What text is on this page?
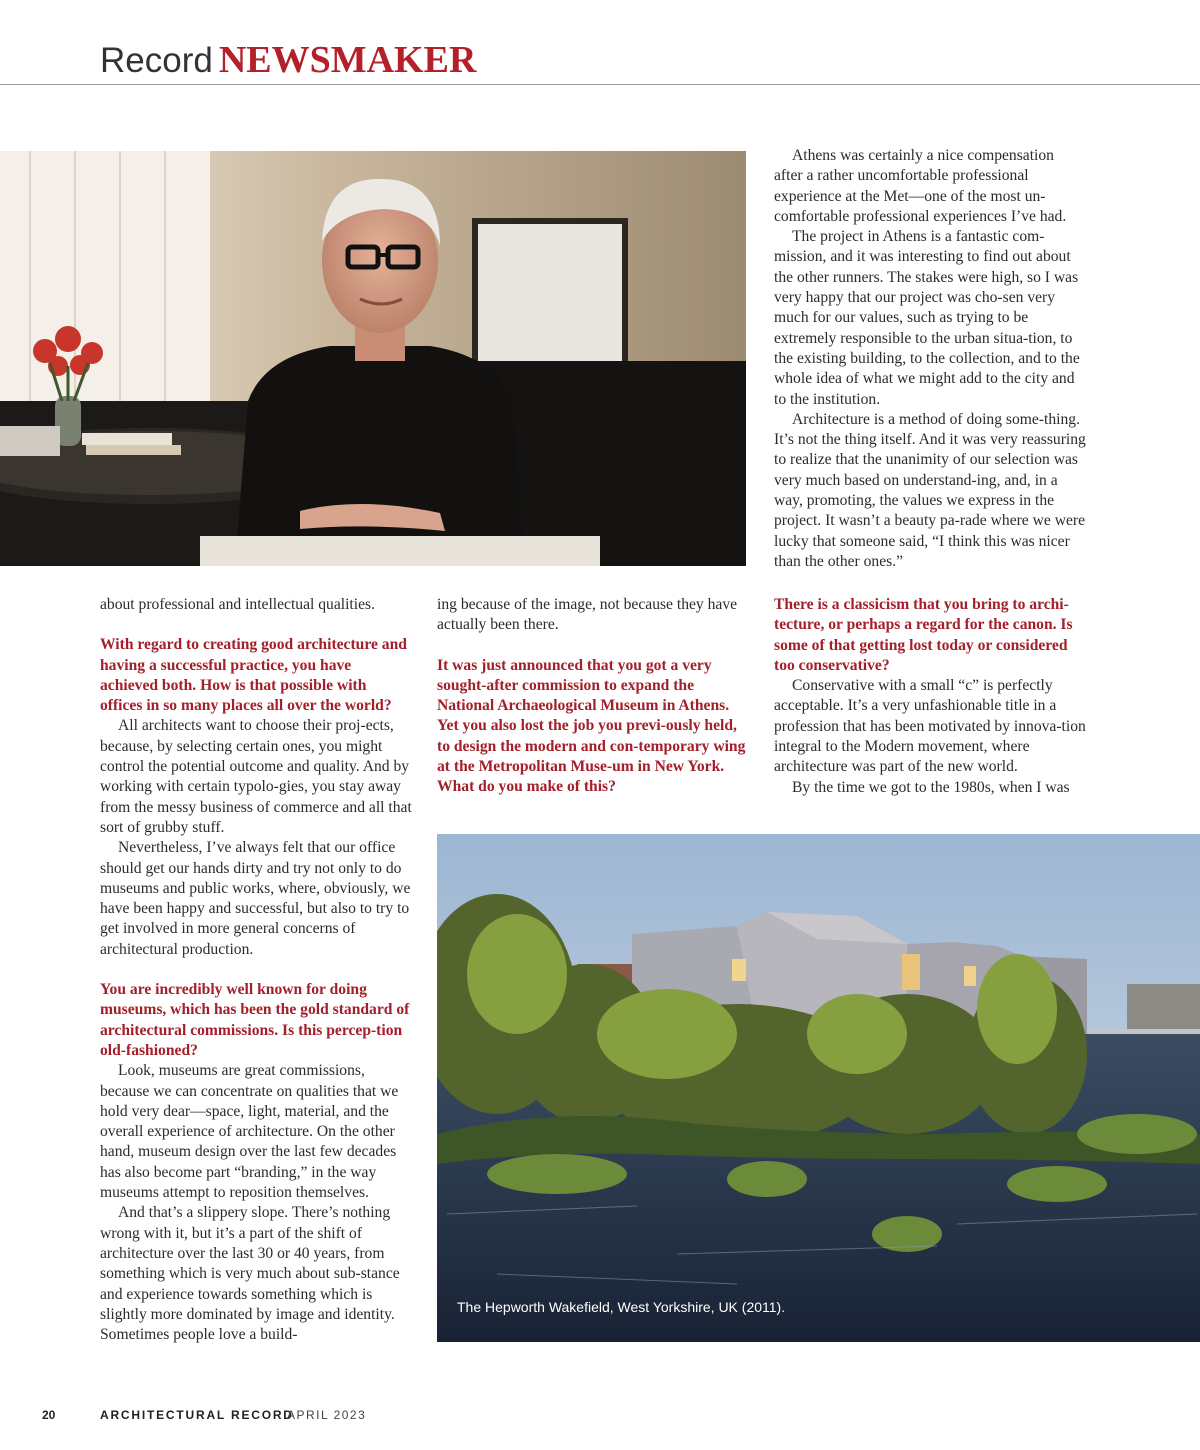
Record NEWSMAKER

Athens was certainly a nice compensation after a rather uncomfortable professional experience at the Met—one of the most un-comfortable professional experiences I’ve had.

The project in Athens is a fantastic com-mission, and it was interesting to find out about the other runners. The stakes were high, so I was very happy that our project was cho-sen very much for our values, such as trying to be extremely responsible to the urban situa-tion, to the existing building, to the collection, and to the whole idea of what we might add to the city and to the institution.

Architecture is a method of doing some-thing. It’s not the thing itself. And it was very reassuring to realize that the unanimity of our selection was very much based on understand-ing, and, in a way, promoting, the values we express in the project. It wasn’t a beauty pa-rade where we were lucky that someone said, “I think this was nicer than the other ones.”

about professional and intellectual qualities.

With regard to creating good architecture and having a successful practice, you have achieved both. How is that possible with offices in so many places all over the world?

All architects want to choose their proj-ects, because, by selecting certain ones, you might control the potential outcome and quality. And by working with certain typolo-gies, you stay away from the messy business of commerce and all that sort of grubby stuff.

Nevertheless, I’ve always felt that our office should get our hands dirty and try not only to do museums and public works, where, obviously, we have been happy and successful, but also to try to get involved in more general concerns of architectural production.

You are incredibly well known for doing museums, which has been the gold standard of architectural commissions. Is this percep-tion old-fashioned?

Look, museums are great commissions, because we can concentrate on qualities that we hold very dear—space, light, material, and the overall experience of architecture. On the other hand, museum design over the last few decades has also become part “branding,” in the way museums attempt to reposition themselves.

And that’s a slippery slope. There’s nothing wrong with it, but it’s a part of the shift of architecture over the last 30 or 40 years, from something which is very much about sub-stance and experience towards something which is slightly more dominated by image and identity. Sometimes people love a build-

ing because of the image, not because they have actually been there.

It was just announced that you got a very sought-after commission to expand the National Archaeological Museum in Athens. Yet you also lost the job you previ-ously held, to design the modern and con-temporary wing at the Metropolitan Muse-um in New York. What do you make of this?

There is a classicism that you bring to archi-tecture, or perhaps a regard for the canon. Is some of that getting lost today or considered too conservative?

Conservative with a small “c” is perfectly acceptable. It’s a very unfashionable title in a profession that has been motivated by innova-tion integral to the Modern movement, where architecture was part of the new world.

By the time we got to the 1980s, when I was

The Hepworth Wakefield, West Yorkshire, UK (2011).
20	ARCHITECTURAL RECORD
APRIL 2023
